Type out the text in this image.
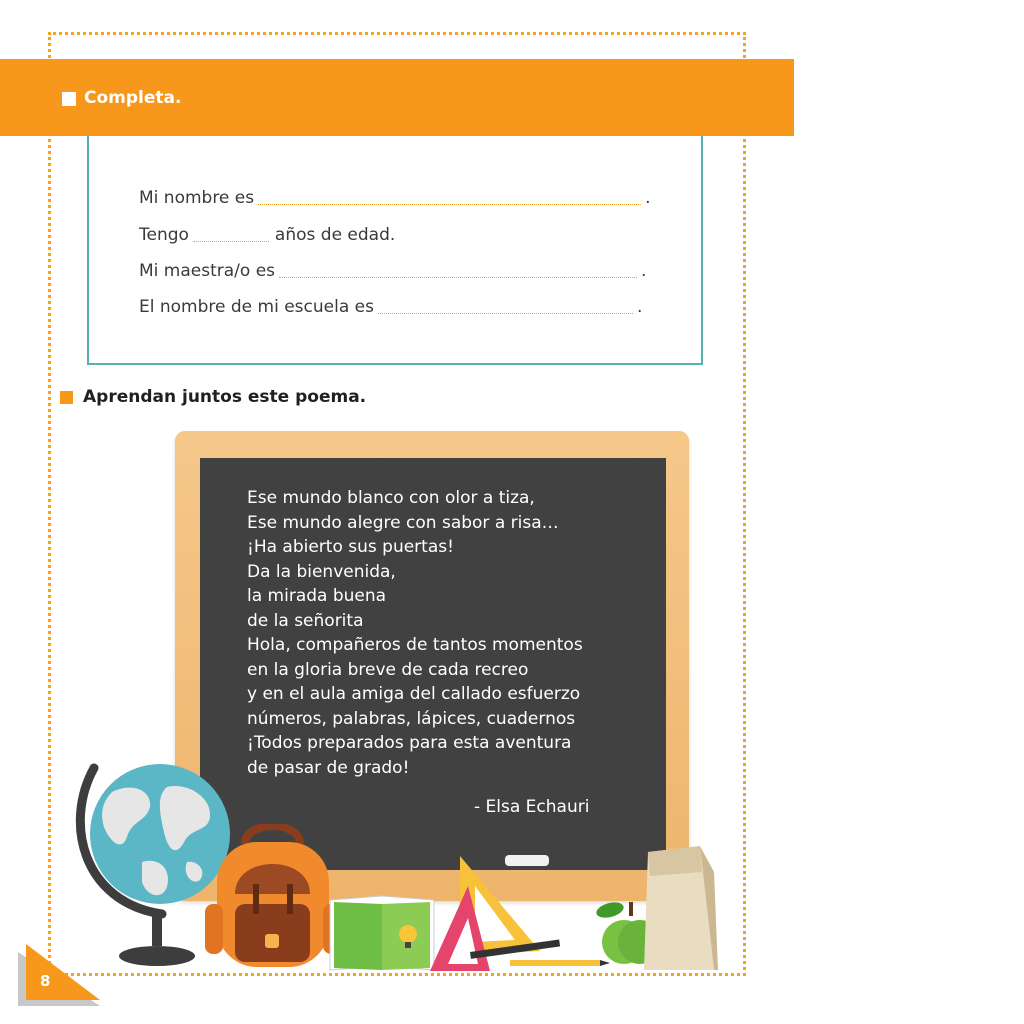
Completa.
Mi nombre es	.
Tengo	años de edad.
Mi maestra/o es	.
El nombre de mi escuela es	.
Aprendan juntos este poema.
Ese mundo blanco con olor a tiza,
Ese mundo alegre con sabor a risa…
¡Ha abierto sus puertas!
Da la bienvenida,
la mirada buena
de la señorita
Hola, compañeros de tantos momentos
en la gloria breve de cada recreo
y en el aula amiga del callado esfuerzo
números, palabras, lápices, cuadernos
¡Todos preparados para esta aventura
de pasar de grado!
- Elsa Echauri
8
